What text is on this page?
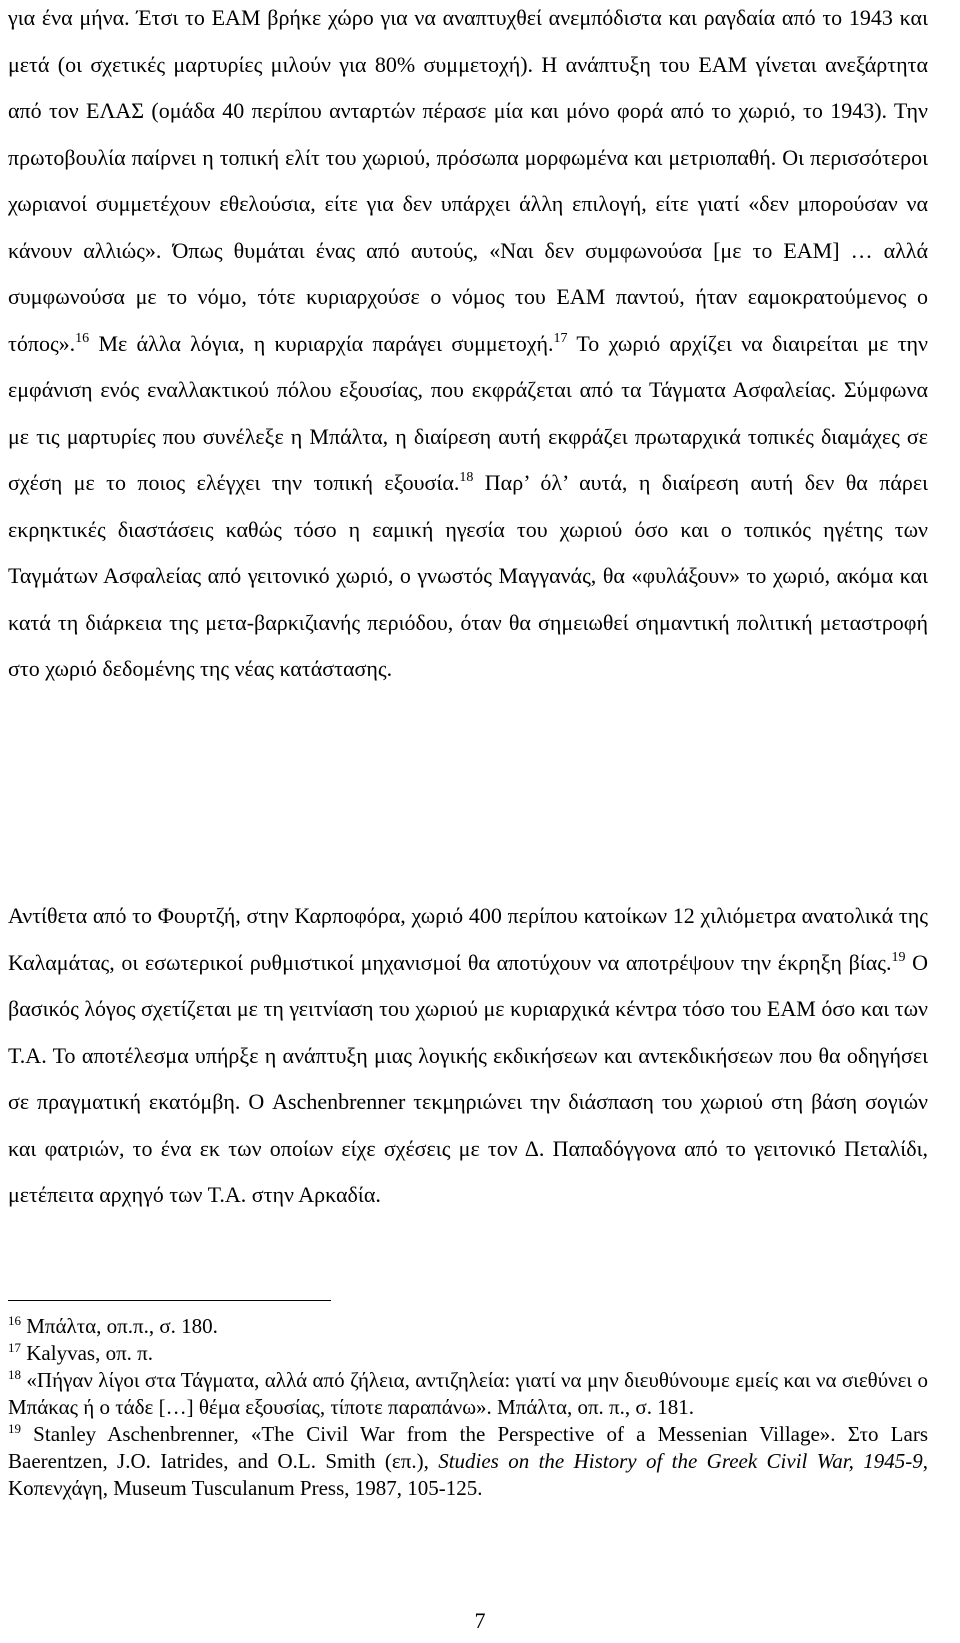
για ένα μήνα. Έτσι το ΕΑΜ βρήκε χώρο για να αναπτυχθεί ανεμπόδιστα και ραγδαία από το 1943 και μετά (οι σχετικές μαρτυρίες μιλούν για 80% συμμετοχή). Η ανάπτυξη του ΕΑΜ γίνεται ανεξάρτητα από τον ΕΛΑΣ (ομάδα 40 περίπου ανταρτών πέρασε μία και μόνο φορά από το χωριό, το 1943). Την πρωτοβουλία παίρνει η τοπική ελίτ του χωριού, πρόσωπα μορφωμένα και μετριοπαθή. Οι περισσότεροι χωριανοί συμμετέχουν εθελούσια, είτε για δεν υπάρχει άλλη επιλογή, είτε γιατί «δεν μπορούσαν να κάνουν αλλιώς». Όπως θυμάται ένας από αυτούς, «Ναι δεν συμφωνούσα [με το ΕΑΜ] … αλλά συμφωνούσα με το νόμο, τότε κυριαρχούσε ο νόμος του ΕΑΜ παντού, ήταν εαμοκρατούμενος ο τόπος».$^{16}$ Με άλλα λόγια, η κυριαρχία παράγει συμμετοχή.$^{17}$ Το χωριό αρχίζει να διαιρείται με την εμφάνιση ενός εναλλακτικού πόλου εξουσίας, που εκφράζεται από τα Τάγματα Ασφαλείας. Σύμφωνα με τις μαρτυρίες που συνέλεξε η Μπάλτα, η διαίρεση αυτή εκφράζει πρωταρχικά τοπικές διαμάχες σε σχέση με το ποιος ελέγχει την τοπική εξουσία.$^{18}$ Παρ’ όλ’ αυτά, η διαίρεση αυτή δεν θα πάρει εκρηκτικές διαστάσεις καθώς τόσο η εαμική ηγεσία του χωριού όσο και ο τοπικός ηγέτης των Ταγμάτων Ασφαλείας από γειτονικό χωριό, ο γνωστός Μαγγανάς, θα «φυλάξουν» το χωριό, ακόμα και κατά τη διάρκεια της μετα-βαρκιζιανής περιόδου, όταν θα σημειωθεί σημαντική πολιτική μεταστροφή στο χωριό δεδομένης της νέας κατάστασης.

Αντίθετα από το Φουρτζή, στην Καρποφόρα, χωριό 400 περίπου κατοίκων 12 χιλιόμετρα ανατολικά της Καλαμάτας, οι εσωτερικοί ρυθμιστικοί μηχανισμοί θα αποτύχουν να αποτρέψουν την έκρηξη βίας.$^{19}$ Ο βασικός λόγος σχετίζεται με τη γειτνίαση του χωριού με κυριαρχικά κέντρα τόσο του ΕΑΜ όσο και των Τ.Α. Το αποτέλεσμα υπήρξε η ανάπτυξη μιας λογικής εκδικήσεων και αντεκδικήσεων που θα οδηγήσει σε πραγματική εκατόμβη. Ο Aschenbrenner τεκμηριώνει την διάσπαση του χωριού στη βάση σογιών και φατριών, το ένα εκ των οποίων είχε σχέσεις με τον Δ. Παπαδόγγονα από το γειτονικό Πεταλίδι, μετέπειτα αρχηγό των Τ.Α. στην Αρκαδία.

$^{16}$ Μπάλτα, οπ.π., σ. 180.

$^{17}$ Kalyvas, οπ. π.

$^{18}$ «Πήγαν λίγοι στα Τάγματα, αλλά από ζήλεια, αντιζηλεία: γιατί να μην διευθύνουμε εμείς και να σιεθύνει ο Μπάκας ή ο τάδε […] θέμα εξουσίας, τίποτε παραπάνω». Μπάλτα, οπ. π., σ. 181.

$^{19}$ Stanley Aschenbrenner, «The Civil War from the Perspective of a Messenian Village». Στο Lars Baerentzen, J.O. Iatrides, and O.L. Smith (επ.), Studies on the History of the Greek Civil War, 1945-9, Κοπενχάγη, Museum Tusculanum Press, 1987, 105-125.

7
